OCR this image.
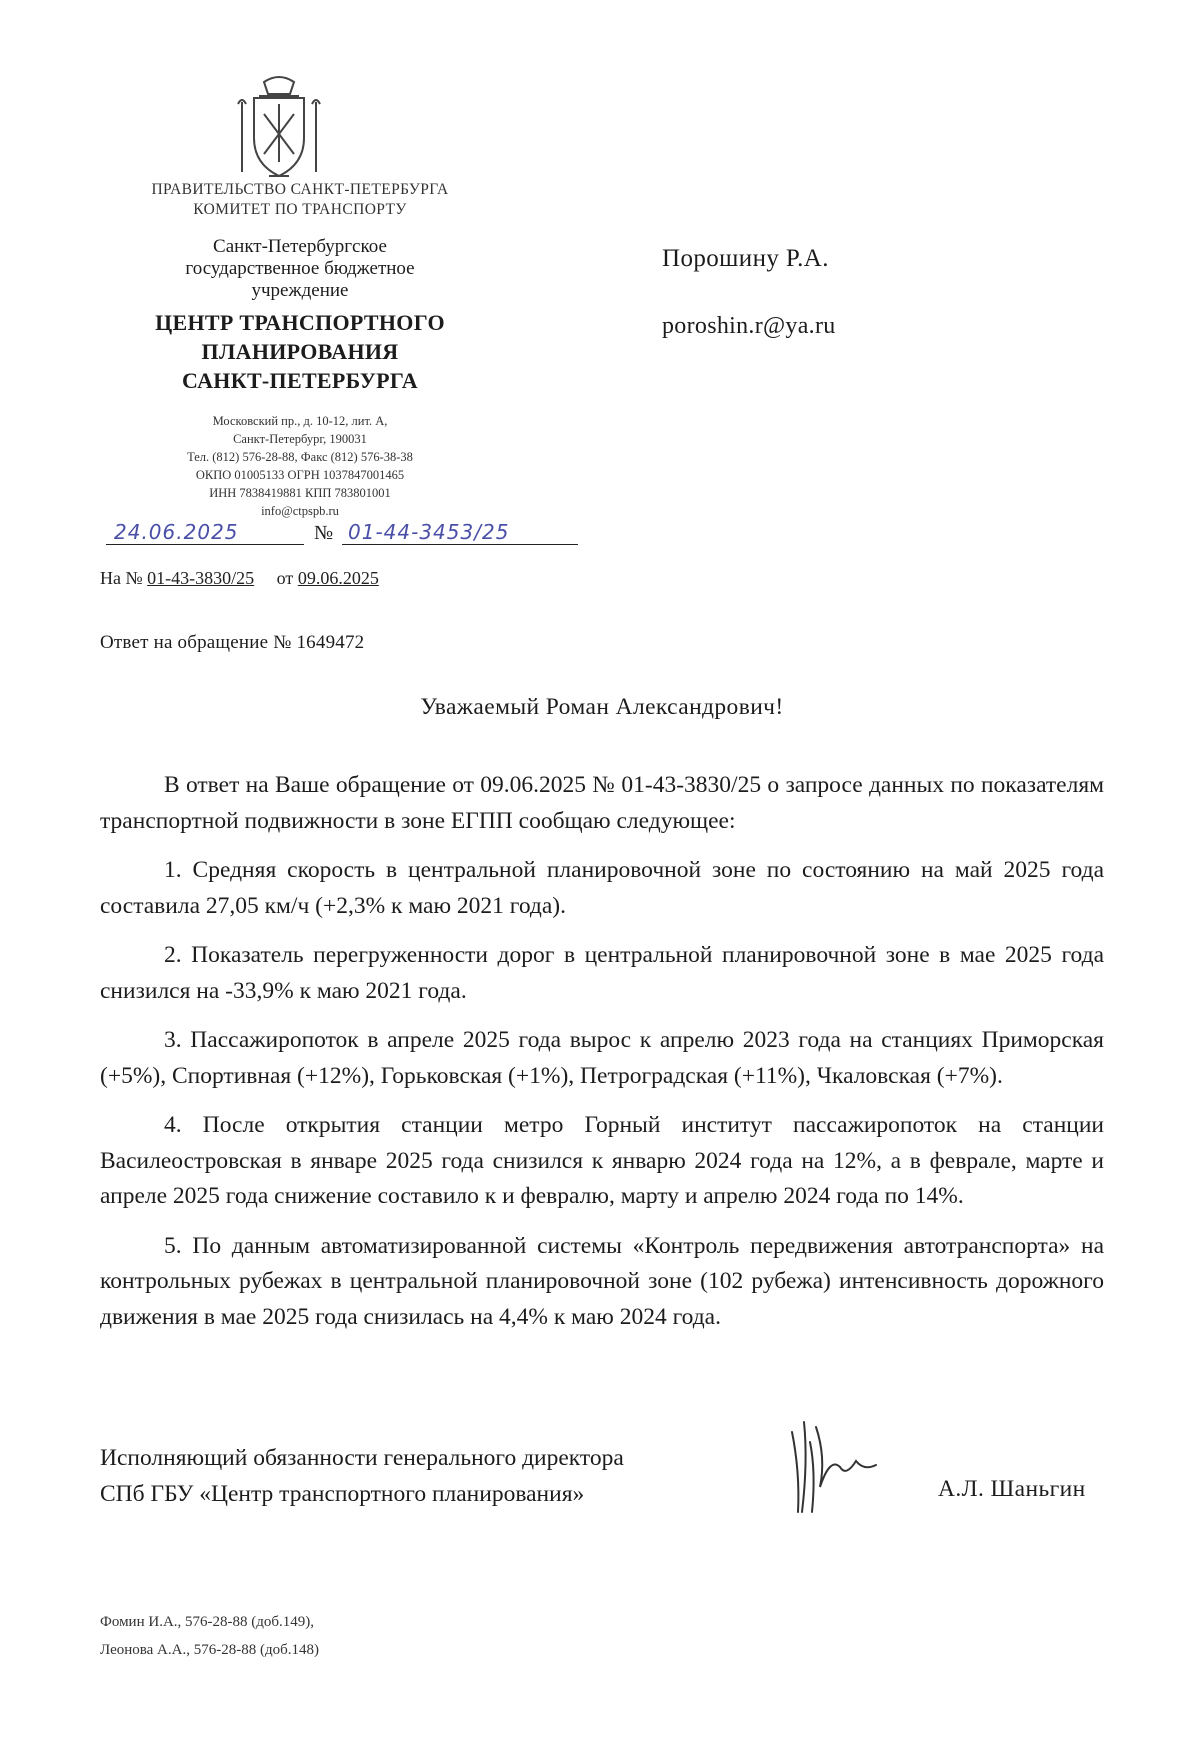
ПРАВИТЕЛЬСТВО САНКТ-ПЕТЕРБУРГА
КОМИТЕТ ПО ТРАНСПОРТУ
Санкт-Петербургское
государственное бюджетное
учреждение
ЦЕНТР ТРАНСПОРТНОГО
ПЛАНИРОВАНИЯ
САНКТ-ПЕТЕРБУРГА
Московский пр., д. 10-12, лит. А,
Санкт-Петербург, 190031
Тел. (812) 576-28-88, Факс (812) 576-38-38
ОКПО 01005133 ОГРН 1037847001465
ИНН 7838419881 КПП 783801001
info@ctpspb.ru
24.06.2025	№ 01-44-3453/25
На № 01-43-3830/25 от 09.06.2025
Порошину Р.А.
poroshin.r@ya.ru
Ответ на обращение № 1649472
Уважаемый Роман Александрович!

В ответ на Ваше обращение от 09.06.2025 № 01-43-3830/25 о запросе данных по показателям транспортной подвижности в зоне ЕГПП сообщаю следующее:

1. Средняя скорость в центральной планировочной зоне по состоянию на май 2025 года составила 27,05 км/ч (+2,3% к маю 2021 года).

2. Показатель перегруженности дорог в центральной планировочной зоне в мае 2025 года снизился на -33,9% к маю 2021 года.

3. Пассажиропоток в апреле 2025 года вырос к апрелю 2023 года на станциях Приморская (+5%), Спортивная (+12%), Горьковская (+1%), Петроградская (+11%), Чкаловская (+7%).

4. После открытия станции метро Горный институт пассажиропоток на станции Василеостровская в январе 2025 года снизился к январю 2024 года на 12%, а в феврале, марте и апреле 2025 года снижение составило к и февралю, марту и апрелю 2024 года по 14%.

5. По данным автоматизированной системы «Контроль передвижения автотранспорта» на контрольных рубежах в центральной планировочной зоне (102 рубежа) интенсивность дорожного движения в мае 2025 года снизилась на 4,4% к маю 2024 года.

Исполняющий обязанности генерального директора
СПб ГБУ «Центр транспортного планирования»	А.Л. Шаньгин
Фомин И.А., 576-28-88 (доб.149),
Леонова А.А., 576-28-88 (доб.148)
